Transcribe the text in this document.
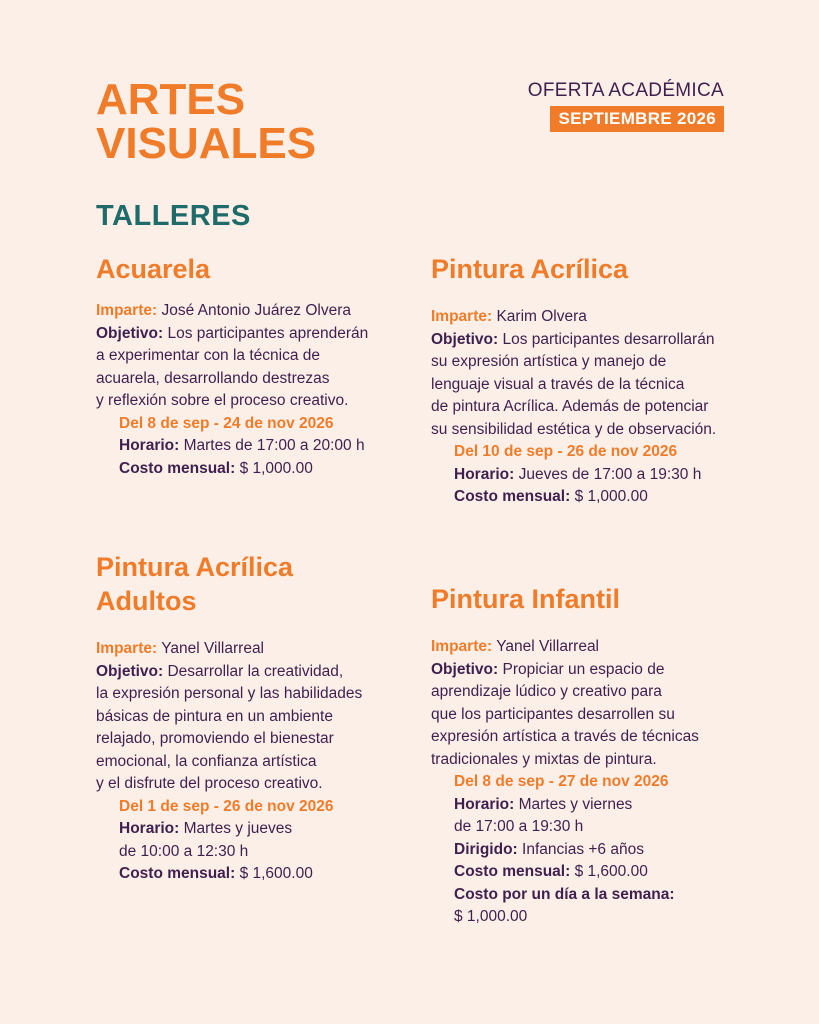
ARTES
VISUALES
OFERTA ACADÉMICA
SEPTIEMBRE 2026
TALLERES
Acuarela
Imparte: José Antonio Juárez Olvera
Objetivo: Los participantes aprenderán
a experimentar con la técnica de
acuarela, desarrollando destrezas
y reflexión sobre el proceso creativo.
Del 8 de sep - 24 de nov 2026
Horario: Martes de 17:00 a 20:00 h
Costo mensual: $ 1,000.00
Pintura Acrílica
Imparte: Karim Olvera
Objetivo: Los participantes desarrollarán
su expresión artística y manejo de
lenguaje visual a través de la técnica
de pintura Acrílica. Además de potenciar
su sensibilidad estética y de observación.
Del 10 de sep - 26 de nov 2026
Horario: Jueves de 17:00 a 19:30 h
Costo mensual: $ 1,000.00
Pintura Acrílica
Adultos
Imparte: Yanel Villarreal
Objetivo: Desarrollar la creatividad,
la expresión personal y las habilidades
básicas de pintura en un ambiente
relajado, promoviendo el bienestar
emocional, la confianza artística
y el disfrute del proceso creativo.
Del 1 de sep - 26 de nov 2026
Horario: Martes y jueves
de 10:00 a 12:30 h
Costo mensual: $ 1,600.00
Pintura Infantil
Imparte: Yanel Villarreal
Objetivo: Propiciar un espacio de
aprendizaje lúdico y creativo para
que los participantes desarrollen su
expresión artística a través de técnicas
tradicionales y mixtas de pintura.
Del 8 de sep - 27 de nov 2026
Horario: Martes y viernes
de 17:00 a 19:30 h
Dirigido: Infancias +6 años
Costo mensual: $ 1,600.00
Costo por un día a la semana:
$ 1,000.00
